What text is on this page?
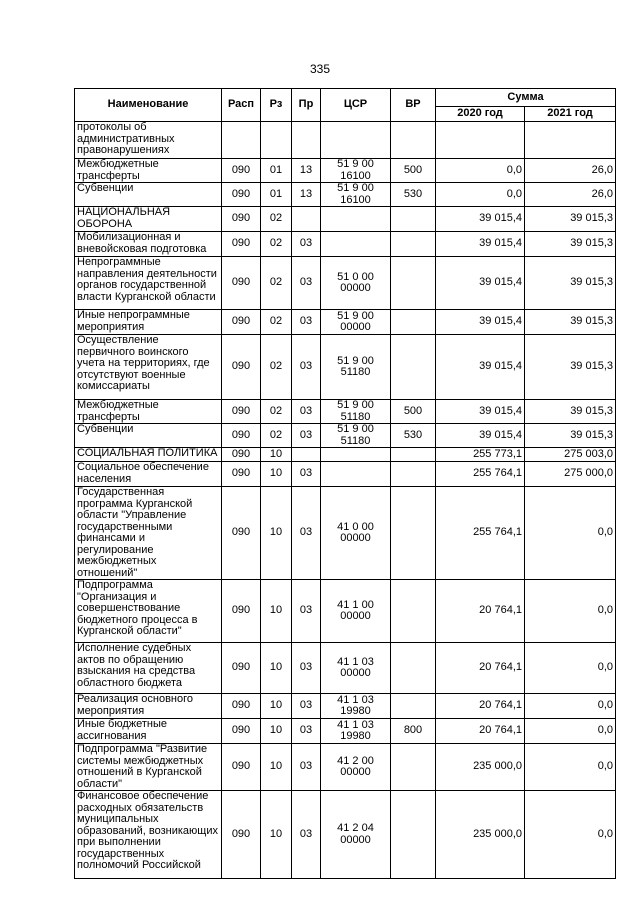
335
Наименование	Расп	Рз	Пр	ЦСР	ВР	Сумма	
						2020 год	2021 год
протоколы об административных правонарушениях							
Межбюджетные трансферты	090	01	13	51 9 00 16100	500	0,0	26,0
Субвенции	090	01	13	51 9 00 16100	530	0,0	26,0
НАЦИОНАЛЬНАЯ ОБОРОНА	090	02				39 015,4	39 015,3
Мобилизационная и вневойсковая подготовка	090	02	03			39 015,4	39 015,3
Непрограммные направления деятельности органов государственной власти Курганской области	090	02	03	51 0 00 00000		39 015,4	39 015,3
Иные непрограммные мероприятия	090	02	03	51 9 00 00000		39 015,4	39 015,3
Осуществление первичного воинского учета на территориях, где отсутствуют военные комиссариаты	090	02	03	51 9 00 51180		39 015,4	39 015,3
Межбюджетные трансферты	090	02	03	51 9 00 51180	500	39 015,4	39 015,3
Субвенции	090	02	03	51 9 00 51180	530	39 015,4	39 015,3
СОЦИАЛЬНАЯ ПОЛИТИКА	090	10				255 773,1	275 003,0
Социальное обеспечение населения	090	10	03			255 764,1	275 000,0
Государственная программа Курганской области "Управление государственными финансами и регулирование межбюджетных отношений"	090	10	03	41 0 00 00000		255 764,1	0,0
Подпрограмма "Организация и совершенствование бюджетного процесса в Курганской области"	090	10	03	41 1 00 00000		20 764,1	0,0
Исполнение судебных актов по обращению взыскания на средства областного бюджета	090	10	03	41 1 03 00000		20 764,1	0,0
Реализация основного мероприятия	090	10	03	41 1 03 19980		20 764,1	0,0
Иные бюджетные ассигнования	090	10	03	41 1 03 19980	800	20 764,1	0,0
Подпрограмма "Развитие системы межбюджетных отношений в Курганской области"	090	10	03	41 2 00 00000		235 000,0	0,0
Финансовое обеспечение расходных обязательств муниципальных образований, возникающих при выполнении государственных полномочий Российской	090	10	03	41 2 04 00000		235 000,0	0,0
